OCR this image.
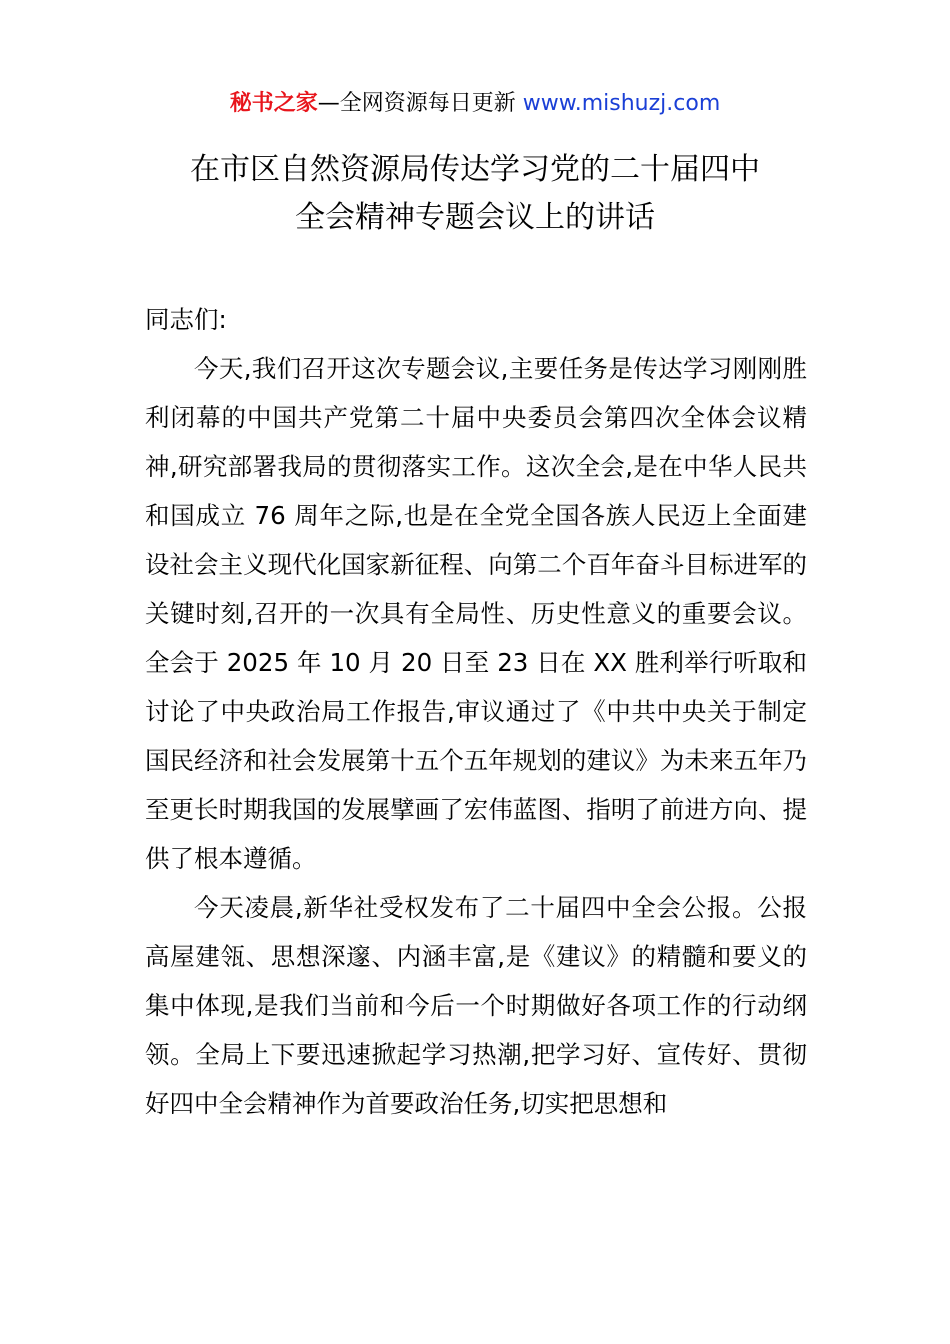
秘书之家—全网资源每日更新 www.mishuzj.com
在市区自然资源局传达学习党的二十届四中
全会精神专题会议上的讲话

同志们:

今天,我们召开这次专题会议,主要任务是传达学习刚刚胜利闭幕的中国共产党第二十届中央委员会第四次全体会议精神,研究部署我局的贯彻落实工作。这次全会,是在中华人民共和国成立 76 周年之际,也是在全党全国各族人民迈上全面建设社会主义现代化国家新征程、向第二个百年奋斗目标进军的关键时刻,召开的一次具有全局性、历史性意义的重要会议。全会于 2025 年 10 月 20 日至 23 日在 XX 胜利举行听取和讨论了中央政治局工作报告,审议通过了《中共中央关于制定国民经济和社会发展第十五个五年规划的建议》为未来五年乃至更长时期我国的发展擘画了宏伟蓝图、指明了前进方向、提供了根本遵循。

今天凌晨,新华社受权发布了二十届四中全会公报。公报高屋建瓴、思想深邃、内涵丰富,是《建议》的精髓和要义的集中体现,是我们当前和今后一个时期做好各项工作的行动纲领。全局上下要迅速掀起学习热潮,把学习好、宣传好、贯彻好四中全会精神作为首要政治任务,切实把思想和
